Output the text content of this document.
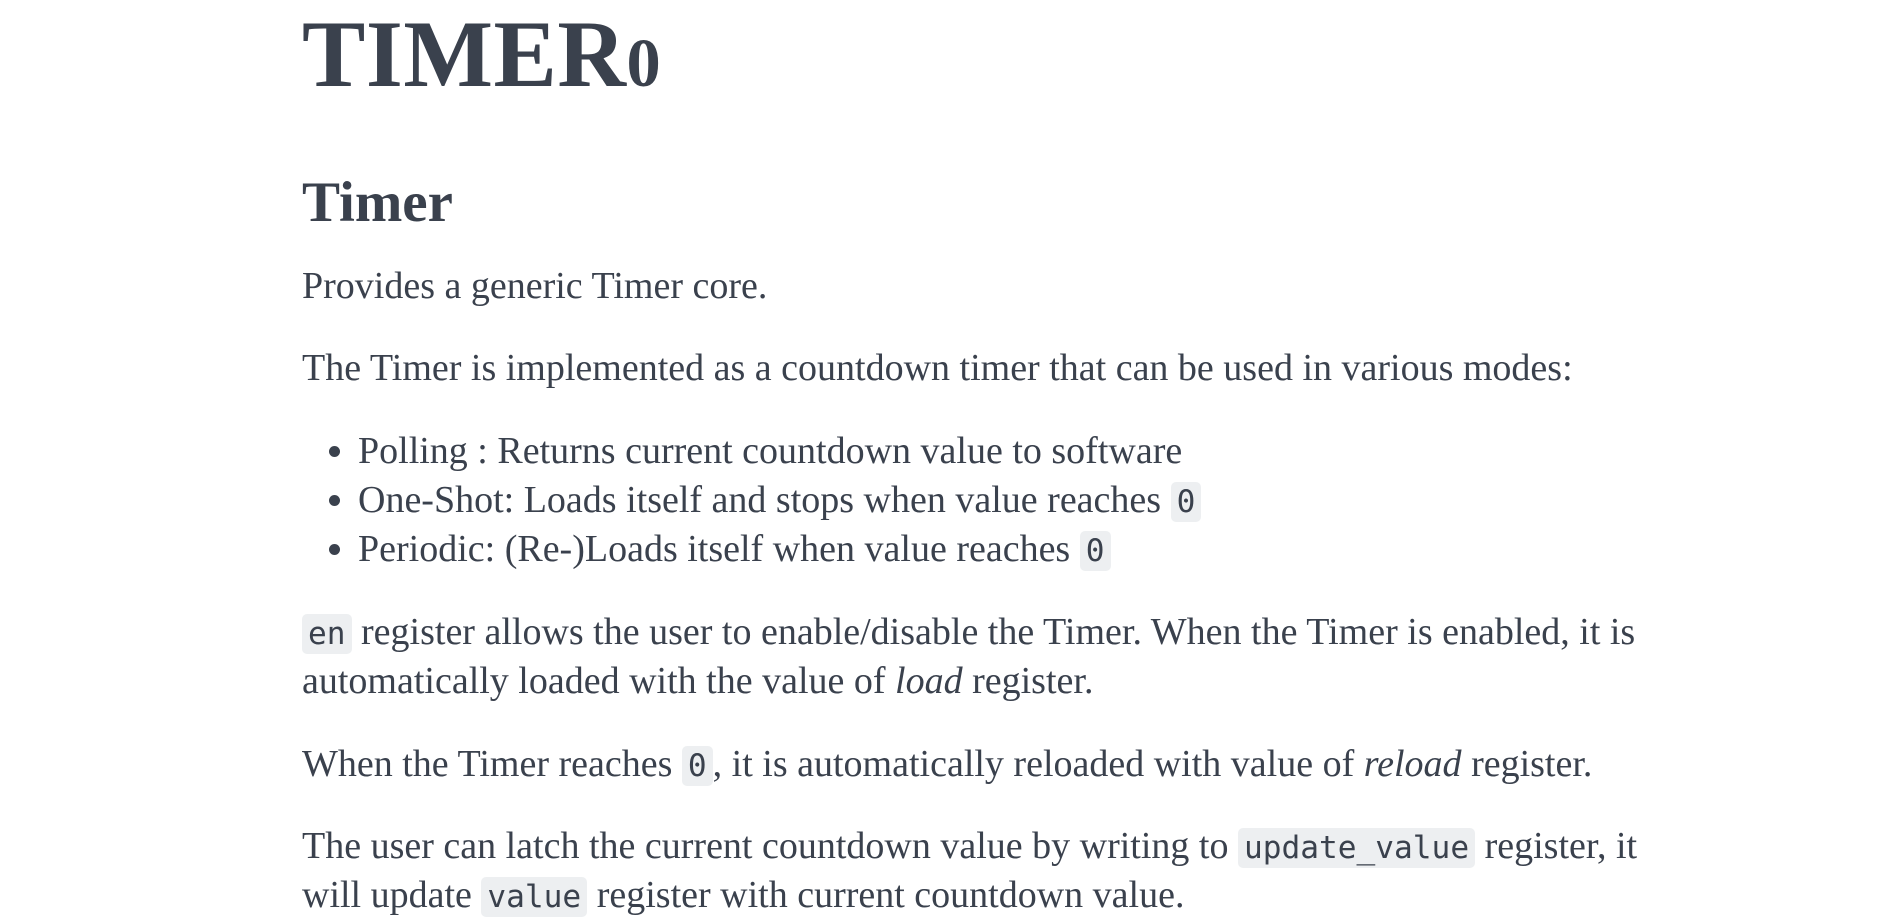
TIMER0
Timer

Provides a generic Timer core.

The Timer is implemented as a countdown timer that can be used in various modes:

• Polling : Returns current countdown value to software
• One-Shot: Loads itself and stops when value reaches 0
• Periodic: (Re-)Loads itself when value reaches 0

en register allows the user to enable/disable the Timer. When the Timer is enabled, it is
automatically loaded with the value of load register.

When the Timer reaches 0 , it is automatically reloaded with value of reload register.

The user can latch the current countdown value by writing to update_value register, it
will update value register with current countdown value.
